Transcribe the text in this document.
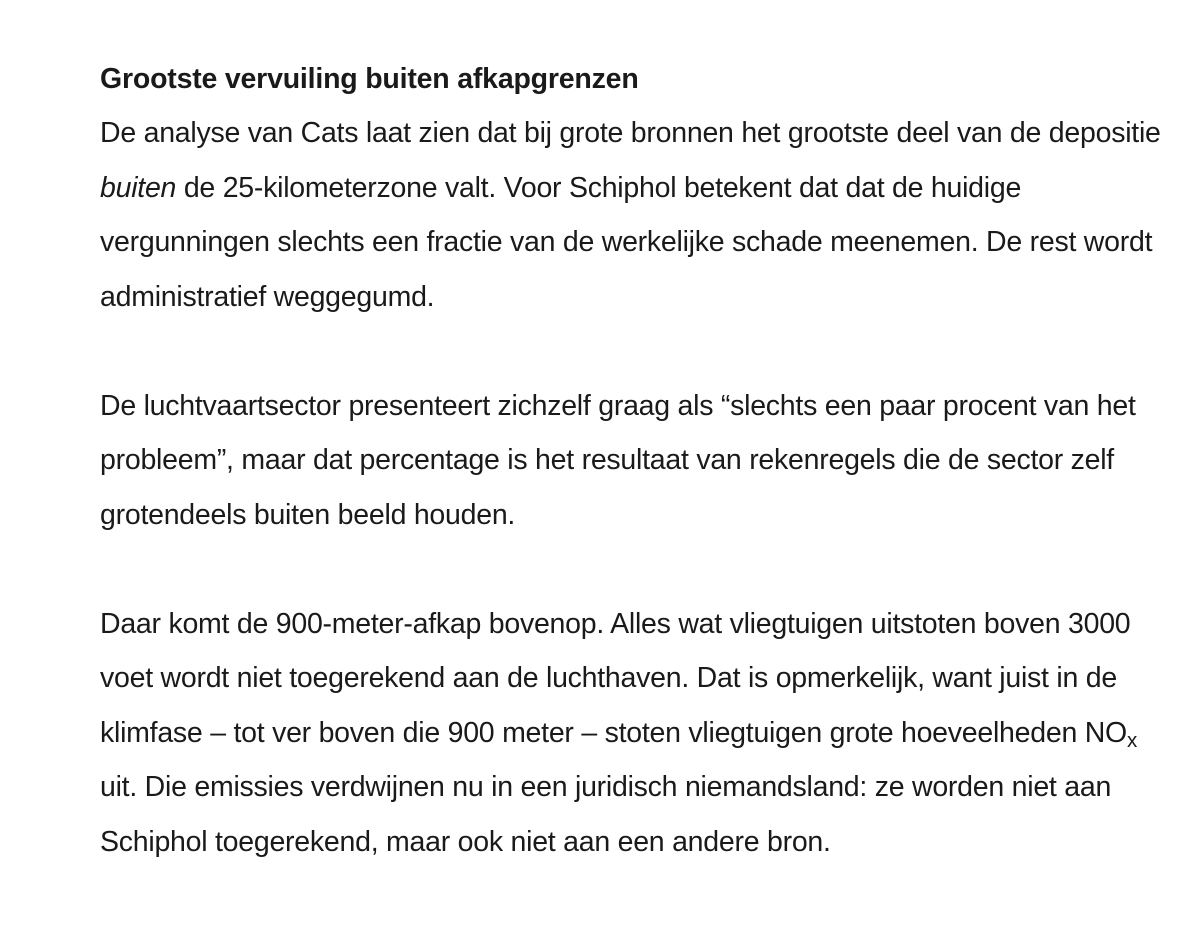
Grootste vervuiling buiten afkapgrenzen

De analyse van Cats laat zien dat bij grote bronnen het grootste deel van de depositie buiten de 25-kilometerzone valt. Voor Schiphol betekent dat dat de huidige vergunningen slechts een fractie van de werkelijke schade meenemen. De rest wordt administratief weggegumd.

De luchtvaartsector presenteert zichzelf graag als “slechts een paar procent van het probleem”, maar dat percentage is het resultaat van rekenregels die de sector zelf grotendeels buiten beeld houden.

Daar komt de 900-meter-afkap bovenop. Alles wat vliegtuigen uitstoten boven 3000 voet wordt niet toegerekend aan de luchthaven. Dat is opmerkelijk, want juist in de klimfase – tot ver boven die 900 meter – stoten vliegtuigen grote hoeveelheden $NO_x$ uit. Die emissies verdwijnen nu in een juridisch niemandsland: ze worden niet aan Schiphol toegerekend, maar ook niet aan een andere bron.
